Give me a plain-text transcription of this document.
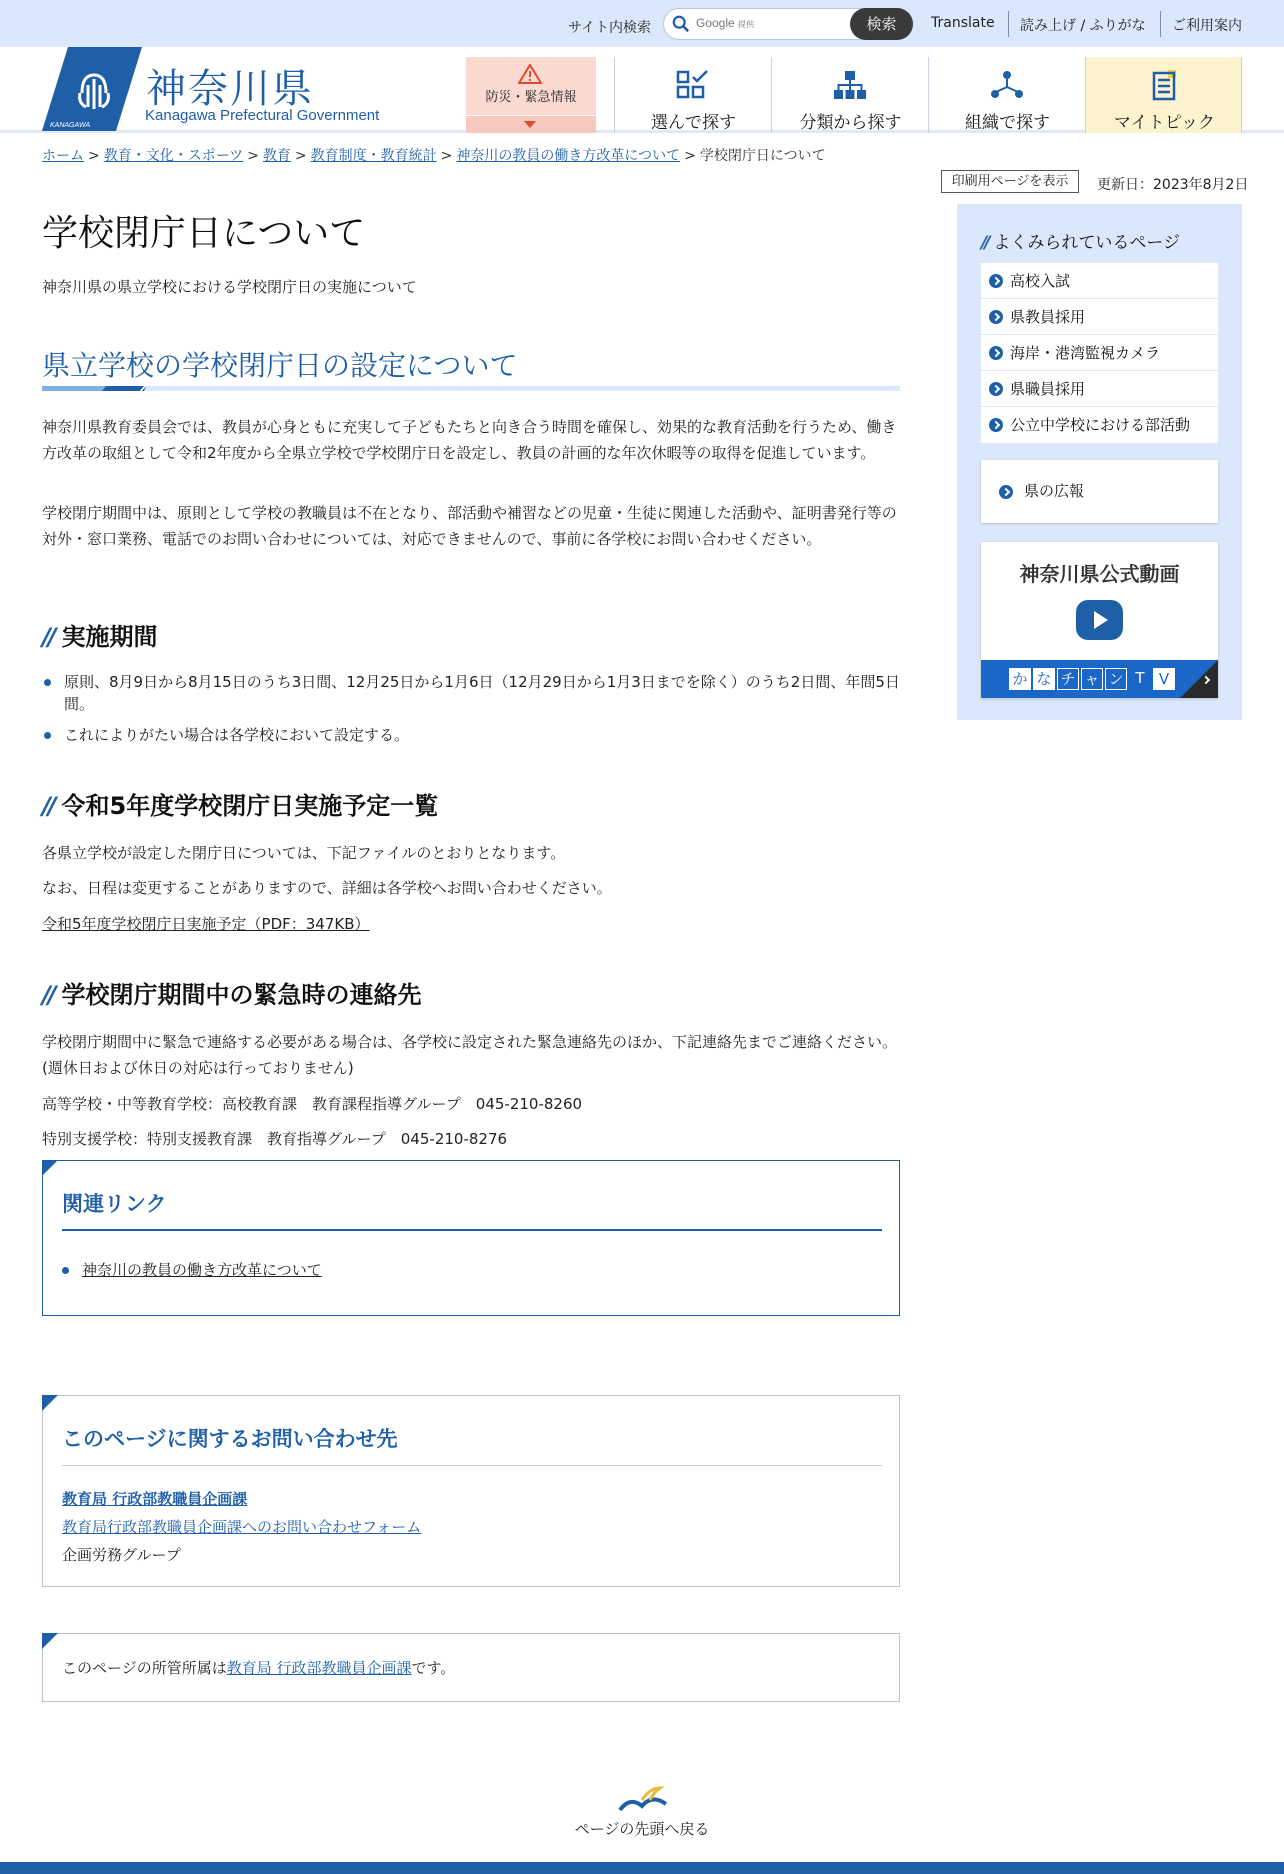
サイト内検索	Google 提供	検索	Translate 読み上げ / ふりがな ご利用案内
KANAGAWA
神奈川県
Kanagawa Prefectural Government
防災・緊急情報
選んで探す	分類から探す	組織で探す	マイトピック
ホーム > 教育・文化・スポーツ > 教育 > 教育制度・教育統計 > 神奈川の教員の働き方改革について > 学校閉庁日について
印刷用ページを表示	更新日：2023年8月2日
学校閉庁日について

神奈川県の県立学校における学校閉庁日の実施について

県立学校の学校閉庁日の設定について

神奈川県教育委員会では、教員が心身ともに充実して子どもたちと向き合う時間を確保し、効果的な教育活動を行うため、働き方改革の取組として令和2年度から全県立学校で学校閉庁日を設定し、教員の計画的な年次休暇等の取得を促進しています。

学校閉庁期間中は、原則として学校の教職員は不在となり、部活動や補習などの児童・生徒に関連した活動や、証明書発行等の対外・窓口業務、電話でのお問い合わせについては、対応できませんので、事前に各学校にお問い合わせください。

// 実施期間
原則、8月9日から8月15日のうち3日間、12月25日から1月6日（12月29日から1月3日までを除く）のうち2日間、年間5日間。
これによりがたい場合は各学校において設定する。
// 令和5年度学校閉庁日実施予定一覧
各県立学校が設定した閉庁日については、下記ファイルのとおりとなります。
なお、日程は変更することがありますので、詳細は各学校へお問い合わせください。
令和5年度学校閉庁日実施予定（PDF：347KB）
// 学校閉庁期間中の緊急時の連絡先

学校閉庁期間中に緊急で連絡する必要がある場合は、各学校に設定された緊急連絡先のほか、下記連絡先までご連絡ください。(週休日および休日の対応は行っておりません)

高等学校・中等教育学校：高校教育課　教育課程指導グループ　045-210-8260
特別支援学校：特別支援教育課　教育指導グループ　045-210-8276
関連リンク
神奈川の教員の働き方改革について
このページに関するお問い合わせ先
教育局 行政部教職員企画課
教育局行政部教職員企画課へのお問い合わせフォーム
企画労務グループ
このページの所管所属は教育局 行政部教職員企画課です。
// よくみられているページ
高校入試
県教員採用
海岸・港湾監視カメラ
県職員採用
公立中学校における部活動
県の広報
神奈川県公式動画
か な チ ャ ン T V
ページの先頭へ戻る
